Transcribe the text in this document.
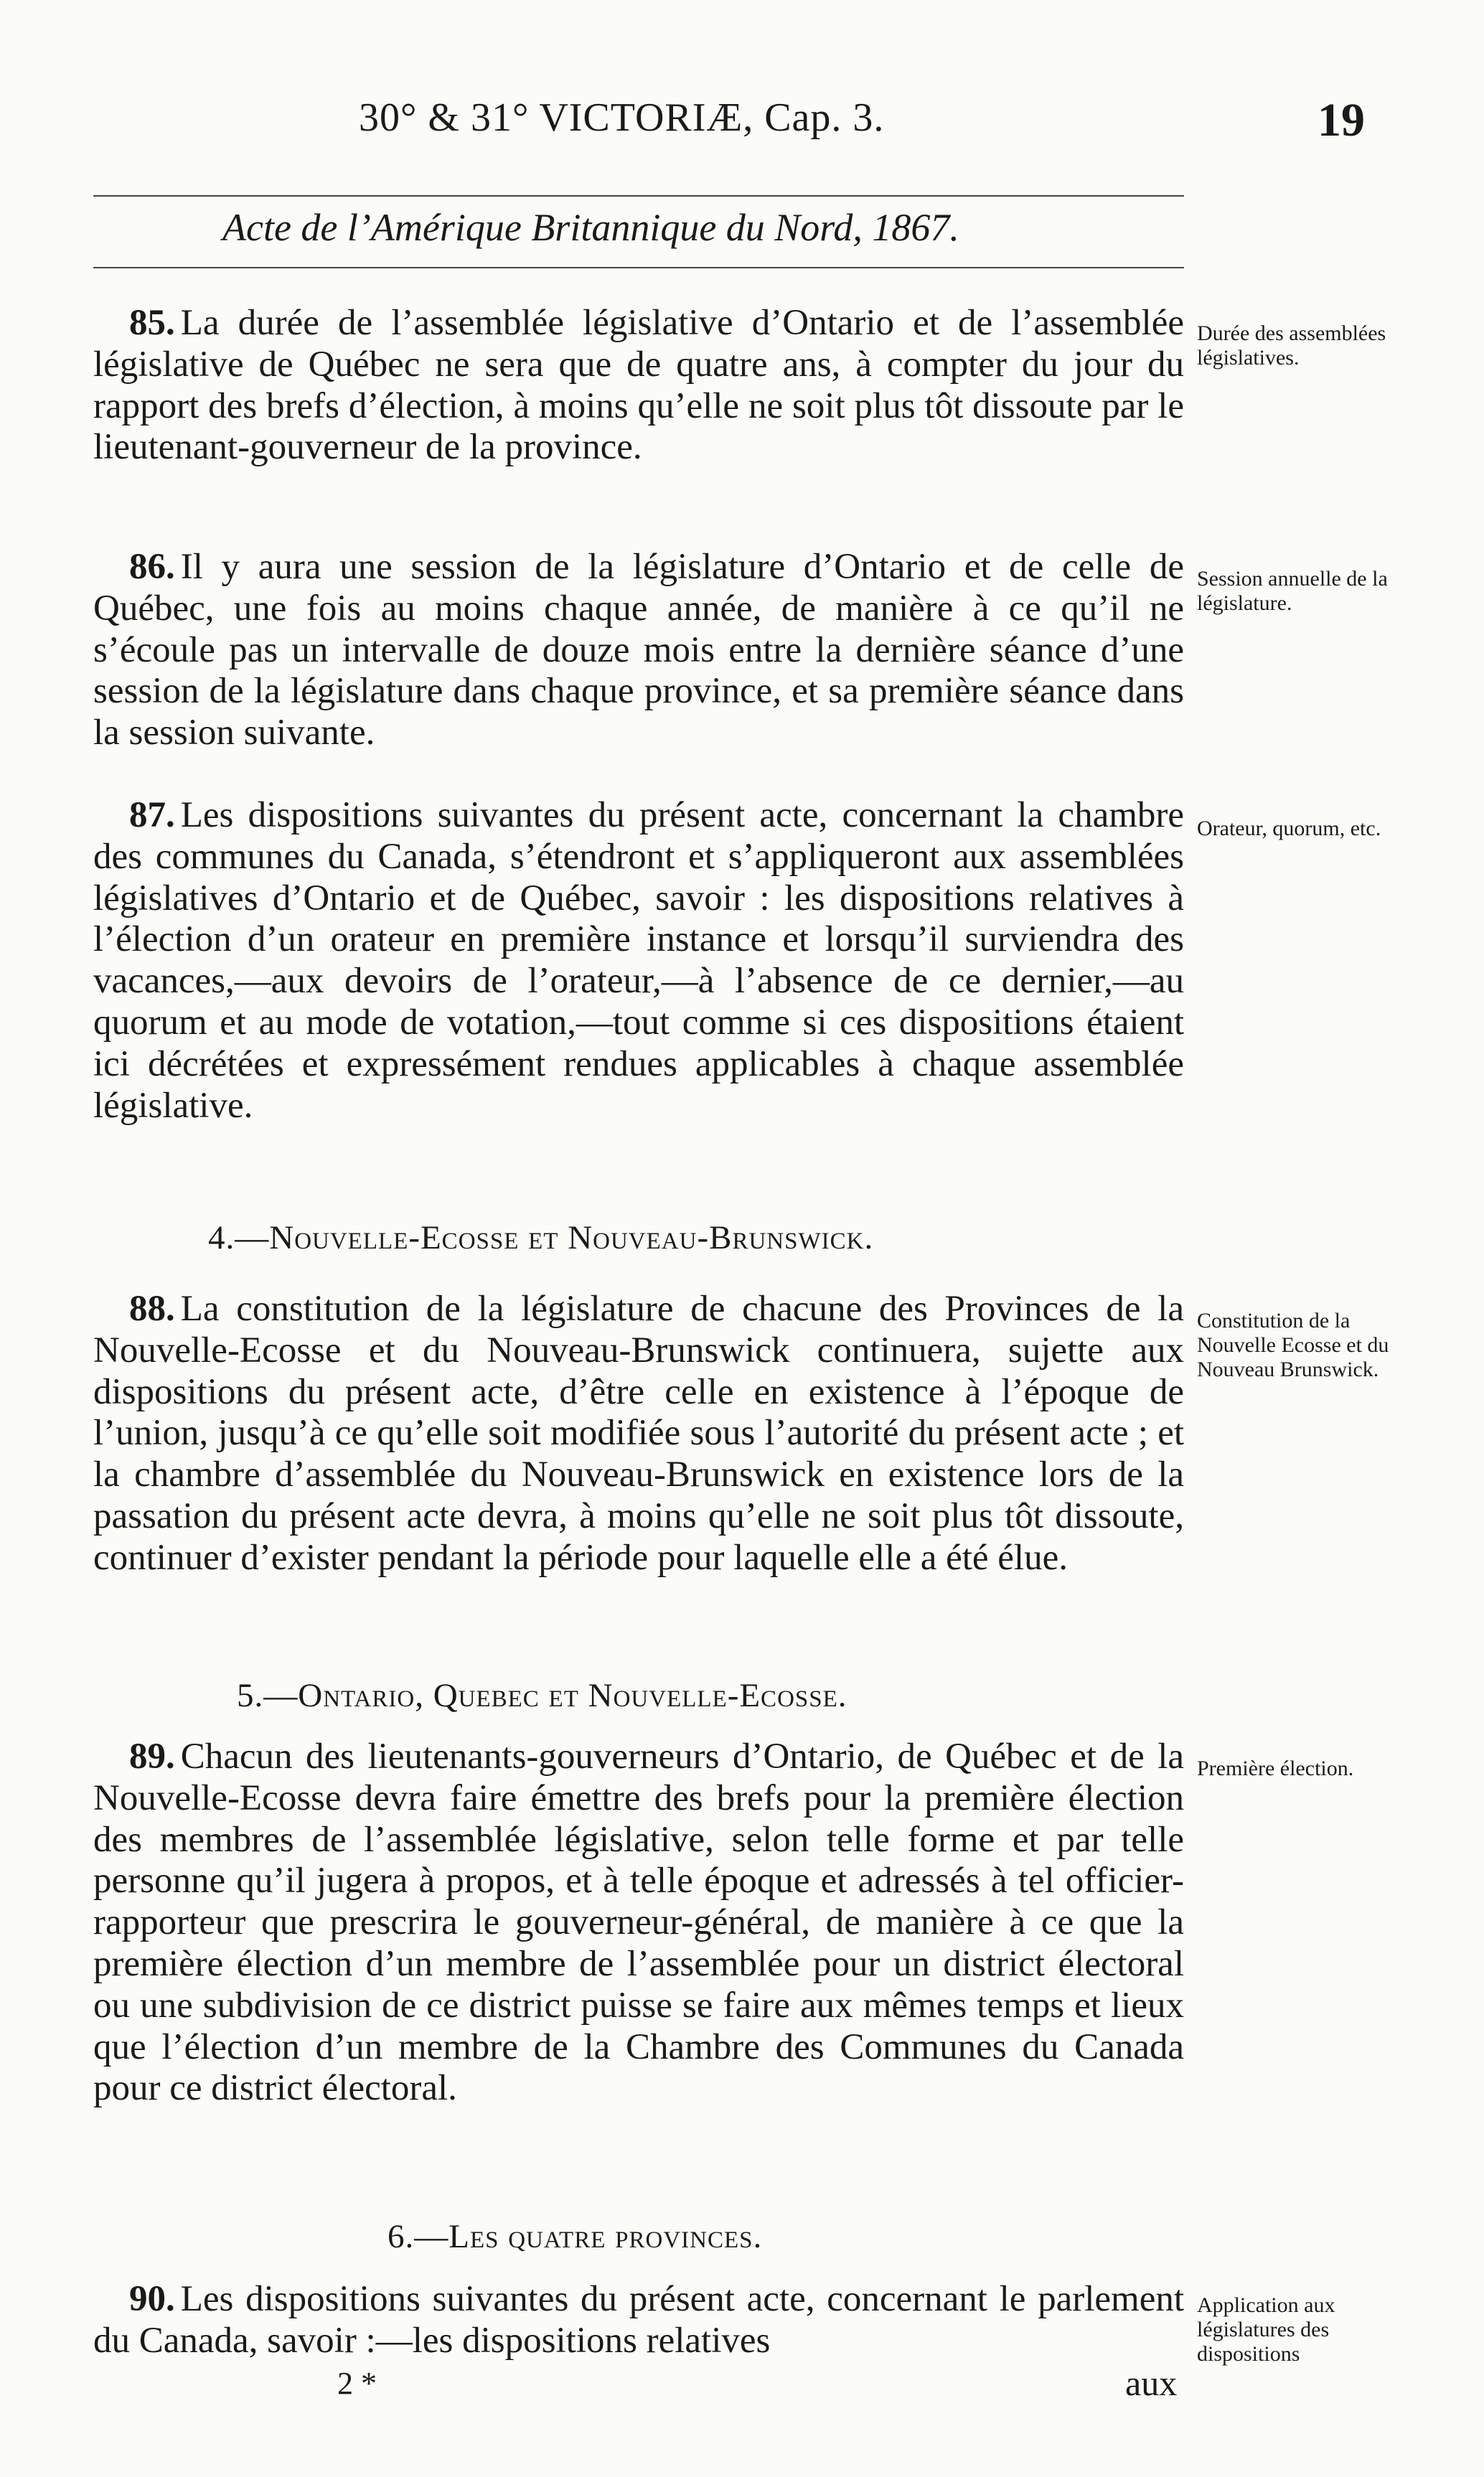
30° & 31° VICTORIÆ, Cap. 3.	19
Acte de l’Amérique Britannique du Nord, 1867.

85. La durée de l’assemblée législative d’Ontario et de l’assemblée législative de Québec ne sera que de quatre ans, à compter du jour du rapport des brefs d’élection, à moins qu’elle ne soit plus tôt dissoute par le lieutenant-gouverneur de la province.

Durée des assemblées législatives.

86. Il y aura une session de la législature d’Ontario et de celle de Québec, une fois au moins chaque année, de manière à ce qu’il ne s’écoule pas un intervalle de douze mois entre la dernière séance d’une session de la législature dans chaque province, et sa première séance dans la session suivante.

Session annuelle de la législature.

87. Les dispositions suivantes du présent acte, concernant la chambre des communes du Canada, s’étendront et s’appliqueront aux assemblées législatives d’Ontario et de Québec, savoir : les dispositions relatives à l’élection d’un orateur en première instance et lorsqu’il surviendra des vacances,—aux devoirs de l’orateur,—à l’absence de ce dernier,—au quorum et au mode de votation,—tout comme si ces dispositions étaient ici décrétées et expressément rendues applicables à chaque assemblée législative.

Orateur, quorum, etc.
4.—Nouvelle-Ecosse et Nouveau-Brunswick.

88. La constitution de la législature de chacune des Provinces de la Nouvelle-Ecosse et du Nouveau-Brunswick continuera, sujette aux dispositions du présent acte, d’être celle en existence à l’époque de l’union, jusqu’à ce qu’elle soit modifiée sous l’autorité du présent acte ; et la chambre d’assemblée du Nouveau-Brunswick en existence lors de la passation du présent acte devra, à moins qu’elle ne soit plus tôt dissoute, continuer d’exister pendant la période pour laquelle elle a été élue.

Constitution de la Nouvelle Ecosse et du Nouveau Brunswick.
5.—Ontario, Quebec et Nouvelle-Ecosse.

89. Chacun des lieutenants-gouverneurs d’Ontario, de Québec et de la Nouvelle-Ecosse devra faire émettre des brefs pour la première élection des membres de l’assemblée législative, selon telle forme et par telle personne qu’il jugera à propos, et à telle époque et adressés à tel officier-rapporteur que prescrira le gouverneur-général, de manière à ce que la première élection d’un membre de l’assemblée pour un district électoral ou une subdivision de ce district puisse se faire aux mêmes temps et lieux que l’élection d’un membre de la Chambre des Communes du Canada pour ce district électoral.

Première élection.
6.—Les quatre provinces.

90. Les dispositions suivantes du présent acte, concernant le parlement du Canada, savoir :—les dispositions relatives

Application aux législatures des dispositions
2 *	aux
